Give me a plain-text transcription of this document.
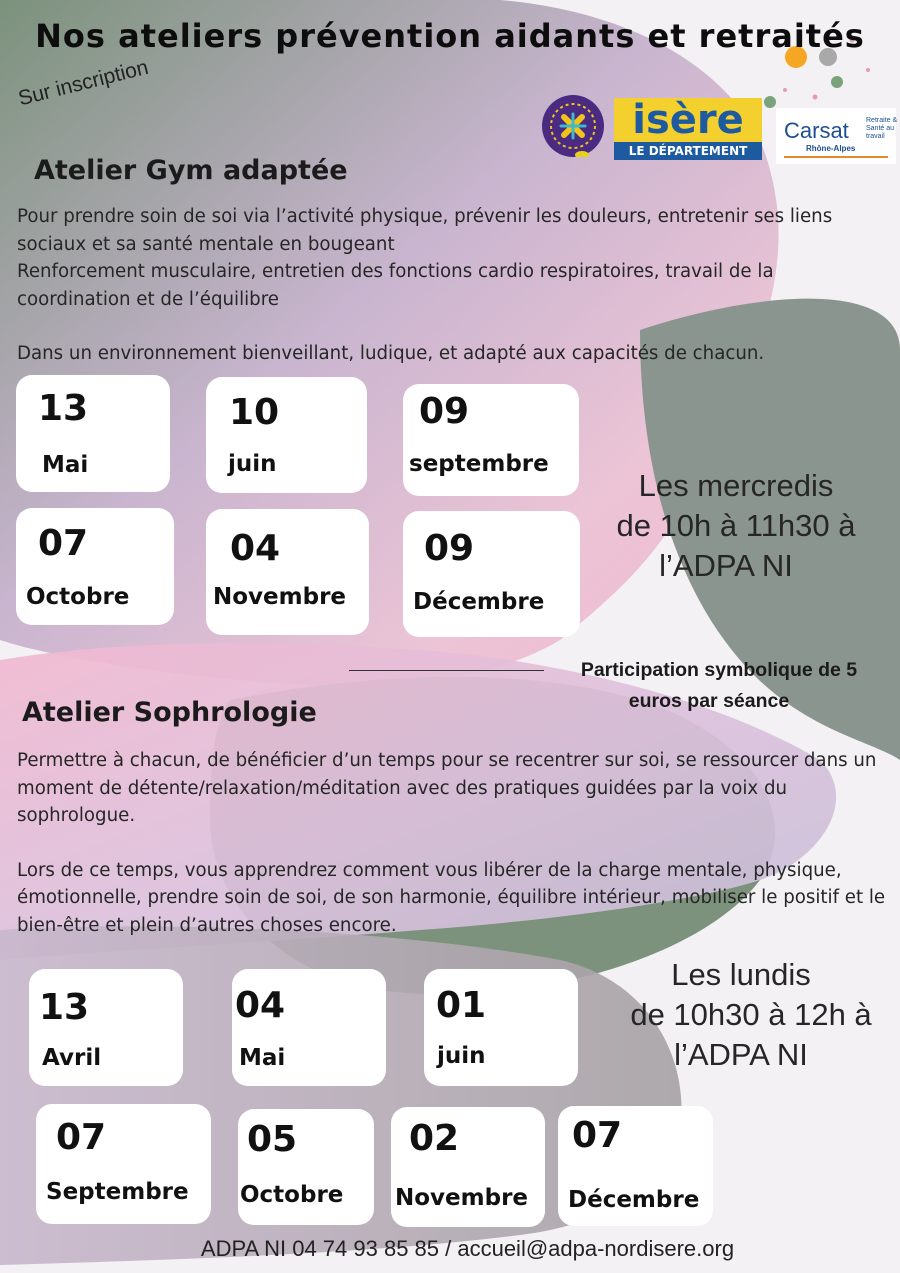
Nos ateliers prévention aidants et retraités
Sur inscription
isère
LE DÉPARTEMENT
Carsat Retraite & Santé au travail
Rhône-Alpes
Atelier Gym adaptée
Pour prendre soin de soi via l’activité physique, prévenir les douleurs, entretenir ses liens sociaux et sa santé mentale en bougeant
Renforcement musculaire, entretien des fonctions cardio respiratoires, travail de la coordination et de l’équilibre
Dans un environnement bienveillant, ludique, et adapté aux capacités de chacun.
13
Mai
10
juin
09
septembre
07
Octobre
04
Novembre
09
Décembre
Les mercredis
de 10h à 11h30 à
l’ADPA NI
Participation symbolique de 5
euros par séance
Atelier Sophrologie
Permettre à chacun, de bénéficier d’un temps pour se recentrer sur soi, se ressourcer dans un moment de détente/relaxation/méditation avec des pratiques guidées par la voix du sophrologue.
Lors de ce temps, vous apprendrez comment vous libérer de la charge mentale, physique, émotionnelle, prendre soin de soi, de son harmonie, équilibre intérieur, mobiliser le positif et le bien-être et plein d’autres choses encore.
13
Avril
04
Mai
01
juin
07
Septembre
05
Octobre
02
Novembre
07
Décembre
Les lundis
de 10h30 à 12h à
l’ADPA NI
ADPA NI 04 74 93 85 85 / accueil@adpa-nordisere.org
